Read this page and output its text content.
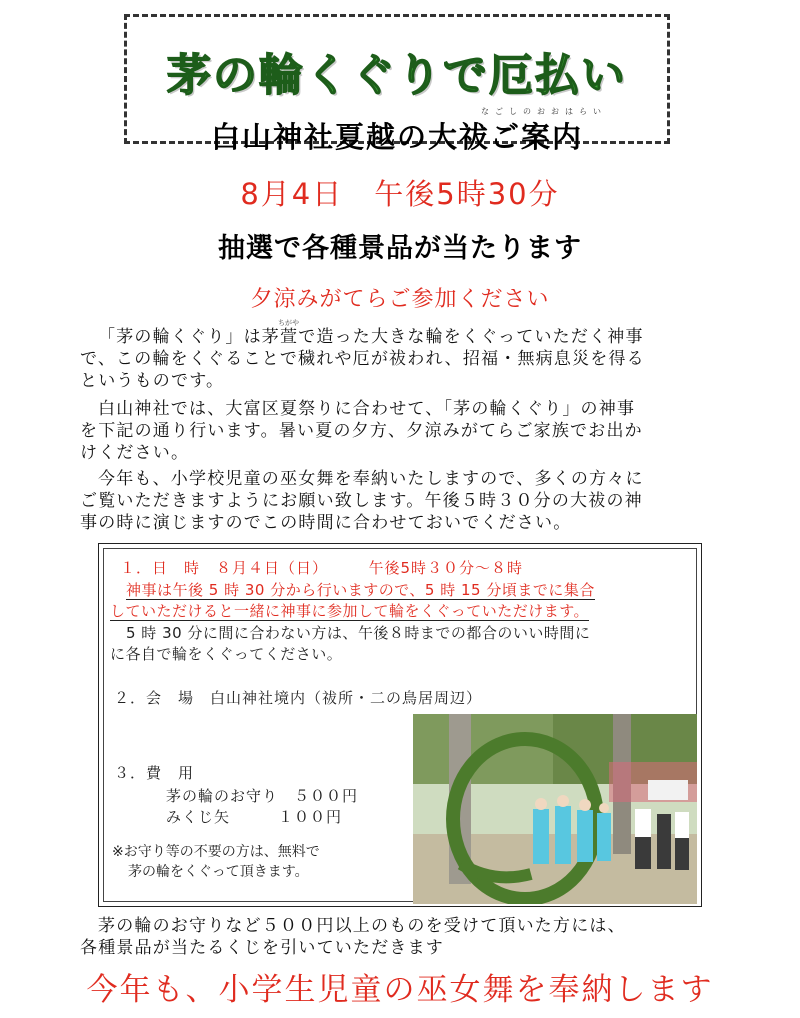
茅の輪くぐりで厄払い
なごしのおおはらい
白山神社夏越の大祓ご案内
8月4日　午後5時30分
抽選で各種景品が当たります
夕涼みがてらご参加ください
ちがや

「茅の輪くぐり」は茅萱で造った大きな輪をくぐっていただく神事
で、この輪をくぐることで穢れや厄が祓われ、招福・無病息災を得る
というものです。

白山神社では、大富区夏祭りに合わせて、「茅の輪くぐり」の神事
を下記の通り行います。暑い夏の夕方、夕涼みがてらご家族でお出か
けください。

今年も、小学校児童の巫女舞を奉納いたしますので、多くの方々に
ご覧いただきますようにお願い致します。午後５時３０分の大祓の神
事の時に演じますのでこの時間に合わせておいでください。

１．日　時　８月４日（日）　　　午後5時３０分～８時
神事は午後 5 時 30 分から行いますので、5 時 15 分頃までに集合
していただけると一緒に神事に参加して輪をくぐっていただけます。
5 時 30 分に間に合わない方は、午後８時までの都合のいい時間に
に各自で輪をくぐってください。
２．会　場　白山神社境内（祓所・二の鳥居周辺）
３．費　用
茅の輪のお守り　 ５００円
みくじ矢　　　	１００円
※お守り等の不要の方は、無料で
茅の輪をくぐって頂きます。

茅の輪のお守りなど５００円以上のものを受けて頂いた方には、
各種景品が当たるくじを引いていただきます

今年も、小学生児童の巫女舞を奉納します
